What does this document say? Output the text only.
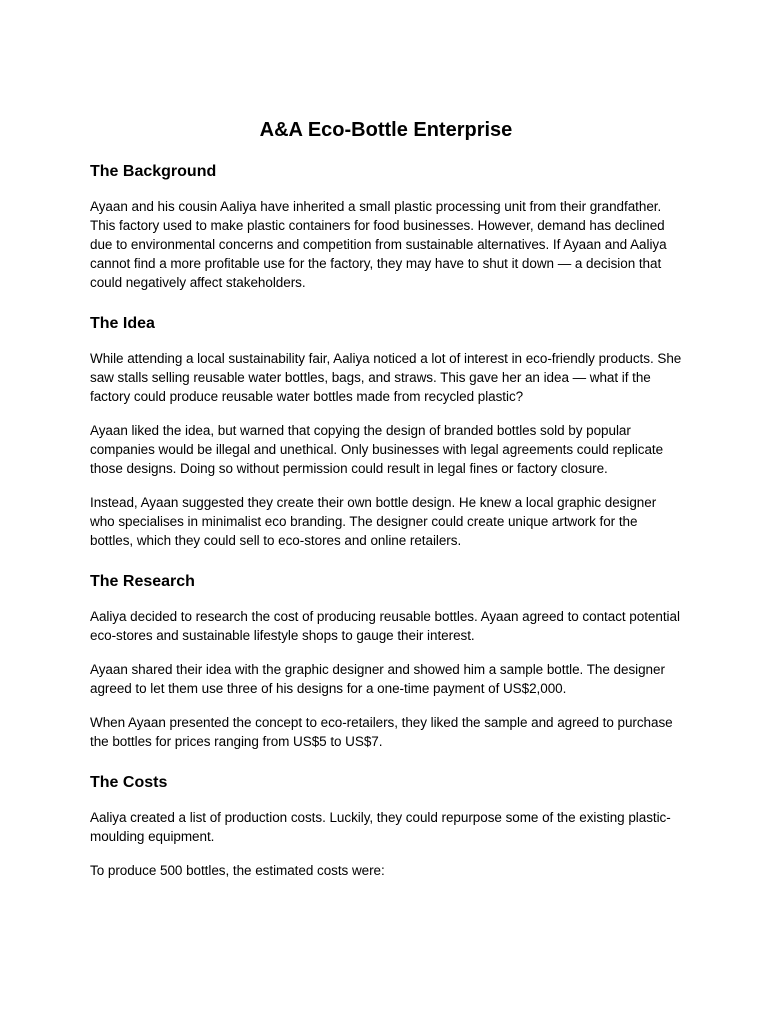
A&A Eco-Bottle Enterprise
The Background

Ayaan and his cousin Aaliya have inherited a small plastic processing unit from their grandfather. This factory used to make plastic containers for food businesses. However, demand has declined due to environmental concerns and competition from sustainable alternatives. If Ayaan and Aaliya cannot find a more profitable use for the factory, they may have to shut it down — a decision that could negatively affect stakeholders.

The Idea

While attending a local sustainability fair, Aaliya noticed a lot of interest in eco-friendly products. She saw stalls selling reusable water bottles, bags, and straws. This gave her an idea — what if the factory could produce reusable water bottles made from recycled plastic?

Ayaan liked the idea, but warned that copying the design of branded bottles sold by popular companies would be illegal and unethical. Only businesses with legal agreements could replicate those designs. Doing so without permission could result in legal fines or factory closure.

Instead, Ayaan suggested they create their own bottle design. He knew a local graphic designer who specialises in minimalist eco branding. The designer could create unique artwork for the bottles, which they could sell to eco-stores and online retailers.

The Research

Aaliya decided to research the cost of producing reusable bottles. Ayaan agreed to contact potential eco-stores and sustainable lifestyle shops to gauge their interest.

Ayaan shared their idea with the graphic designer and showed him a sample bottle. The designer agreed to let them use three of his designs for a one-time payment of US$2,000.

When Ayaan presented the concept to eco-retailers, they liked the sample and agreed to purchase the bottles for prices ranging from US$5 to US$7.

The Costs

Aaliya created a list of production costs. Luckily, they could repurpose some of the existing plastic-moulding equipment.

To produce 500 bottles, the estimated costs were:
